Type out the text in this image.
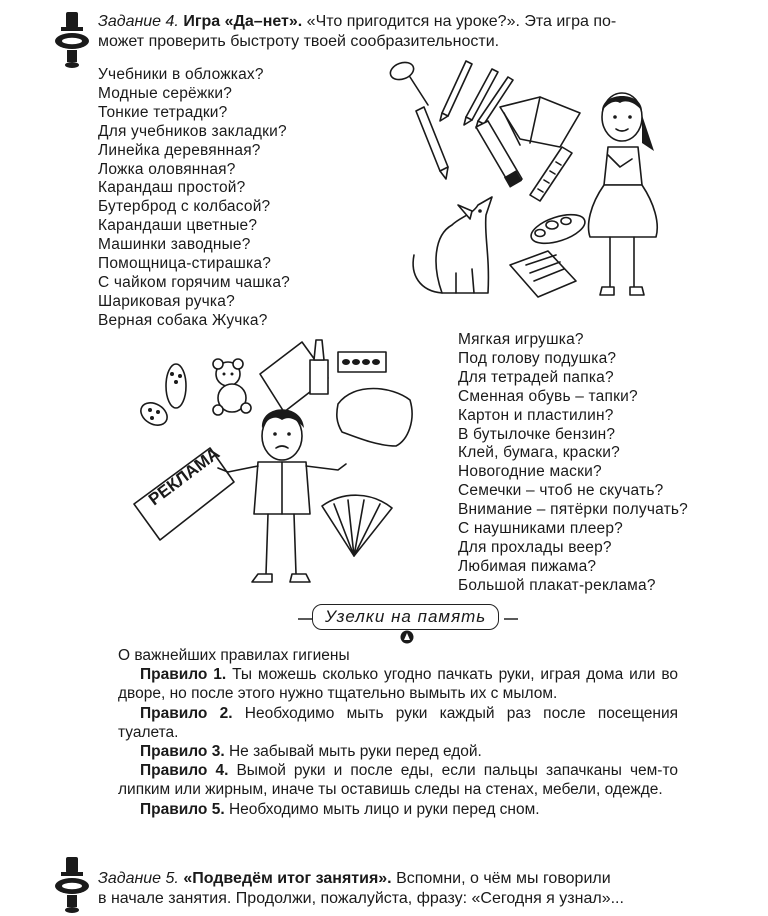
Задание 4. Игра «Да–нет». «Что пригодится на уроке?». Эта игра по-
может проверить быстроту твоей сообразительности.
Учебники в обложках?
Модные серёжки?
Тонкие тетрадки?
Для учебников закладки?
Линейка деревянная?
Ложка оловянная?
Карандаш простой?
Бутерброд с колбасой?
Карандаши цветные?
Машинки заводные?
Помощница-стирашка?
С чайком горячим чашка?
Шариковая ручка?
Верная собака Жучка?
РЕКЛАМА
Мягкая игрушка?
Под голову подушка?
Для тетрадей папка?
Сменная обувь – тапки?
Картон и пластилин?
В бутылочке бензин?
Клей, бумага, краски?
Новогодние маски?
Семечки – чтоб не скучать?
Внимание – пятёрки получать?
С наушниками плеер?
Для прохлады веер?
Любимая пижама?
Большой плакат-реклама?
Узелки на память

О важнейших правилах гигиены

Правило 1. Ты можешь сколько угодно пачкать руки, играя дома или во дворе, но после этого нужно тщательно вымыть их с мылом.

Правило 2. Необходимо мыть руки каждый раз после посещения туалета.

Правило 3. Не забывай мыть руки перед едой.

Правило 4. Вымой руки и после еды, если пальцы запачканы чем-то липким или жирным, иначе ты оставишь следы на стенах, мебели, одежде.

Правило 5. Необходимо мыть лицо и руки перед сном.

Задание 5. «Подведём итог занятия». Вспомни, о чём мы говорили
в начале занятия. Продолжи, пожалуйста, фразу: «Сегодня я узнал»...
